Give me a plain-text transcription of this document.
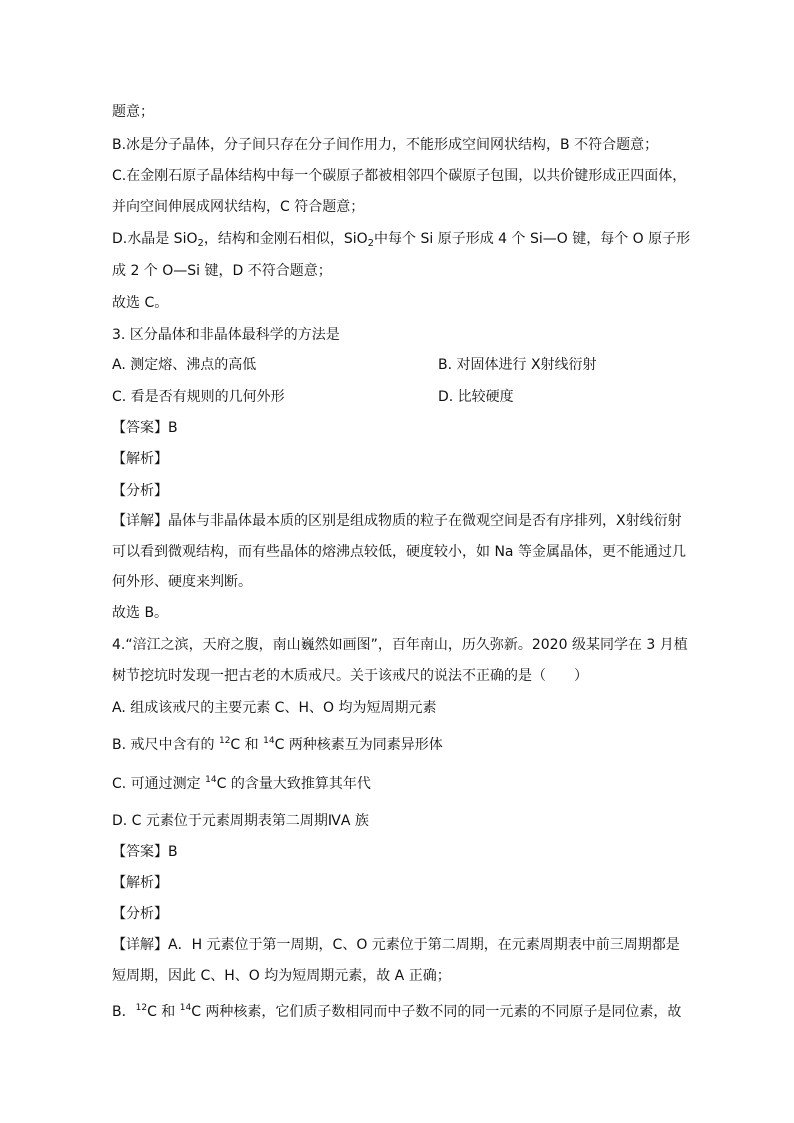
题意；
B.冰是分子晶体，分子间只存在分子间作用力，不能形成空间网状结构，B 不符合题意；
C.在金刚石原子晶体结构中每一个碳原子都被相邻四个碳原子包围，以共价键形成正四面体，
并向空间伸展成网状结构，C 符合题意；
D.水晶是 SiO$_2$，结构和金刚石相似，SiO$_2$中每个 Si 原子形成 4 个 Si—O 键，每个 O 原子形
成 2 个 O—Si 键，D 不符合题意；
故选 C。
3. 区分晶体和非晶体最科学的方法是
A. 测定熔、沸点的高低	B. 对固体进行 X射线衍射
C. 看是否有规则的几何外形	D. 比较硬度
【答案】B
【解析】
【分析】
【详解】晶体与非晶体最本质的区别是组成物质的粒子在微观空间是否有序排列，X射线衍射
可以看到微观结构，而有些晶体的熔沸点较低，硬度较小，如 Na 等金属晶体，更不能通过几
何外形、硬度来判断。
故选 B。
4.“涪江之滨，天府之腹，南山巍然如画图”，百年南山，历久弥新。2020 级某同学在 3 月植
树节挖坑时发现一把古老的木质戒尺。关于该戒尺的说法不正确的是（　　）
A. 组成该戒尺的主要元素 C、H、O 均为短周期元素
B. 戒尺中含有的 $^{12}$C 和 $^{14}$C 两种核素互为同素异形体
C. 可通过测定 $^{14}$C 的含量大致推算其年代
D. C 元素位于元素周期表第二周期ⅣA 族
【答案】B
【解析】
【分析】
【详解】A．H 元素位于第一周期，C、O 元素位于第二周期，在元素周期表中前三周期都是
短周期，因此 C、H、O 均为短周期元素，故 A 正确；
B．$^{12}$C 和 $^{14}$C 两种核素，它们质子数相同而中子数不同的同一元素的不同原子是同位素，故
